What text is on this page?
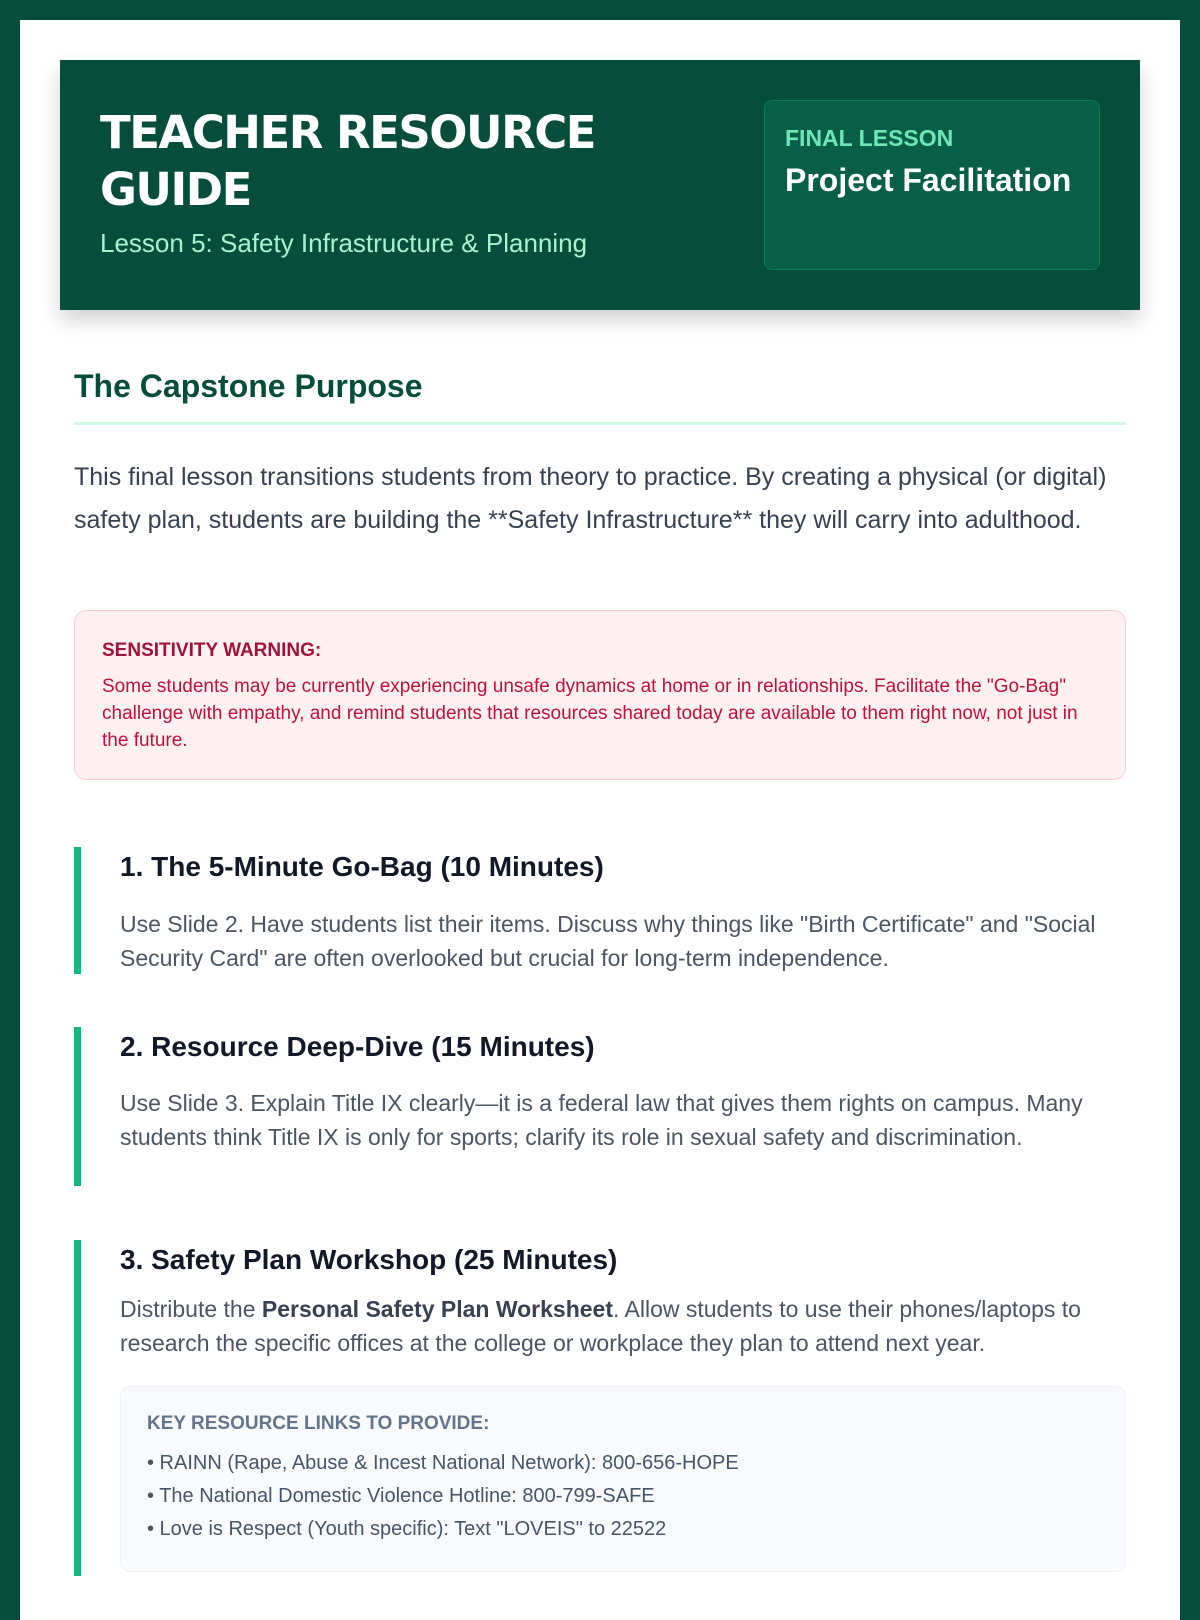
TEACHER RESOURCE GUIDE
Lesson 5: Safety Infrastructure & Planning
FINAL LESSON
Project Facilitation
The Capstone Purpose

This final lesson transitions students from theory to practice. By creating a physical (or digital) safety plan, students are building the **Safety Infrastructure** they will carry into adulthood.

SENSITIVITY WARNING:

Some students may be currently experiencing unsafe dynamics at home or in relationships. Facilitate the "Go-Bag" challenge with empathy, and remind students that resources shared today are available to them right now, not just in the future.

1. The 5-Minute Go-Bag (10 Minutes)

Use Slide 2. Have students list their items. Discuss why things like "Birth Certificate" and "Social Security Card" are often overlooked but crucial for long-term independence.

2. Resource Deep-Dive (15 Minutes)

Use Slide 3. Explain Title IX clearly—it is a federal law that gives them rights on campus. Many students think Title IX is only for sports; clarify its role in sexual safety and discrimination.

3. Safety Plan Workshop (25 Minutes)

Distribute the Personal Safety Plan Worksheet. Allow students to use their phones/laptops to research the specific offices at the college or workplace they plan to attend next year.

KEY RESOURCE LINKS TO PROVIDE:
• RAINN (Rape, Abuse & Incest National Network): 800-656-HOPE
• The National Domestic Violence Hotline: 800-799-SAFE
• Love is Respect (Youth specific): Text "LOVEIS" to 22522
